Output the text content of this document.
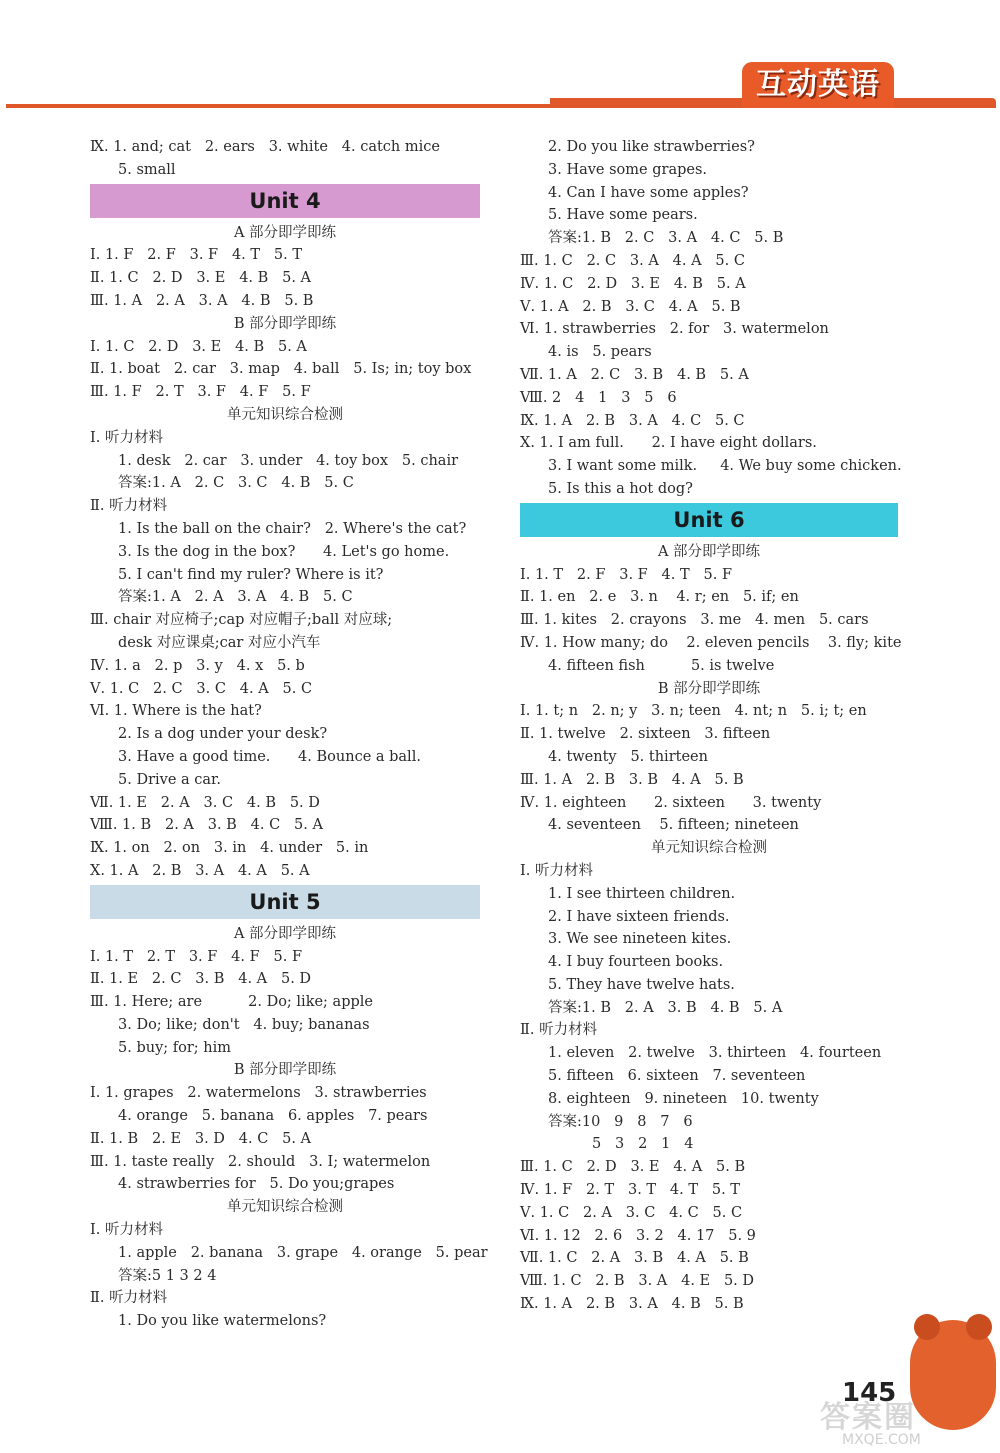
互动英语
Ⅸ. 1. and; cat   2. ears   3. white   4. catch mice
5. small
Unit 4
A 部分即学即练
Ⅰ. 1. F   2. F   3. F   4. T   5. T
Ⅱ. 1. C   2. D   3. E   4. B   5. A
Ⅲ. 1. A   2. A   3. A   4. B   5. B
B 部分即学即练
Ⅰ. 1. C   2. D   3. E   4. B   5. A
Ⅱ. 1. boat   2. car   3. map   4. ball   5. Is; in; toy box
Ⅲ. 1. F   2. T   3. F   4. F   5. F
单元知识综合检测
Ⅰ. 听力材料
1. desk   2. car   3. under   4. toy box   5. chair
答案:1. A   2. C   3. C   4. B   5. C
Ⅱ. 听力材料
1. Is the ball on the chair?   2. Where's the cat?
3. Is the dog in the box?      4. Let's go home.
5. I can't find my ruler? Where is it?
答案:1. A   2. A   3. A   4. B   5. C
Ⅲ. chair 对应椅子;cap 对应帽子;ball 对应球;
desk 对应课桌;car 对应小汽车
Ⅳ. 1. a   2. p   3. y   4. x   5. b
Ⅴ. 1. C   2. C   3. C   4. A   5. C
Ⅵ. 1. Where is the hat?
2. Is a dog under your desk?
3. Have a good time.      4. Bounce a ball.
5. Drive a car.
Ⅶ. 1. E   2. A   3. C   4. B   5. D
Ⅷ. 1. B   2. A   3. B   4. C   5. A
Ⅸ. 1. on   2. on   3. in   4. under   5. in
Ⅹ. 1. A   2. B   3. A   4. A   5. A
Unit 5
A 部分即学即练
Ⅰ. 1. T   2. T   3. F   4. F   5. F
Ⅱ. 1. E   2. C   3. B   4. A   5. D
Ⅲ. 1. Here; are          2. Do; like; apple
3. Do; like; don't   4. buy; bananas
5. buy; for; him
B 部分即学即练
Ⅰ. 1. grapes   2. watermelons   3. strawberries
4. orange   5. banana   6. apples   7. pears
Ⅱ. 1. B   2. E   3. D   4. C   5. A
Ⅲ. 1. taste really   2. should   3. I; watermelon
4. strawberries for   5. Do you;grapes
单元知识综合检测
Ⅰ. 听力材料
1. apple   2. banana   3. grape   4. orange   5. pear
答案:5 1 3 2 4
Ⅱ. 听力材料
1. Do you like watermelons?
2. Do you like strawberries?
3. Have some grapes.
4. Can I have some apples?
5. Have some pears.
答案:1. B   2. C   3. A   4. C   5. B
Ⅲ. 1. C   2. C   3. A   4. A   5. C
Ⅳ. 1. C   2. D   3. E   4. B   5. A
Ⅴ. 1. A   2. B   3. C   4. A   5. B
Ⅵ. 1. strawberries   2. for   3. watermelon
4. is   5. pears
Ⅶ. 1. A   2. C   3. B   4. B   5. A
Ⅷ. 2   4   1   3   5   6
Ⅸ. 1. A   2. B   3. A   4. C   5. C
Ⅹ. 1. I am full.      2. I have eight dollars.
3. I want some milk.     4. We buy some chicken.
5. Is this a hot dog?
Unit 6
A 部分即学即练
Ⅰ. 1. T   2. F   3. F   4. T   5. F
Ⅱ. 1. en   2. e   3. n    4. r; en   5. if; en
Ⅲ. 1. kites   2. crayons   3. me   4. men   5. cars
Ⅳ. 1. How many; do    2. eleven pencils    3. fly; kite
4. fifteen fish          5. is twelve
B 部分即学即练
Ⅰ. 1. t; n   2. n; y   3. n; teen   4. nt; n   5. i; t; en
Ⅱ. 1. twelve   2. sixteen   3. fifteen
4. twenty   5. thirteen
Ⅲ. 1. A   2. B   3. B   4. A   5. B
Ⅳ. 1. eighteen      2. sixteen      3. twenty
4. seventeen    5. fifteen; nineteen
单元知识综合检测
Ⅰ. 听力材料
1. I see thirteen children.
2. I have sixteen friends.
3. We see nineteen kites.
4. I buy fourteen books.
5. They have twelve hats.
答案:1. B   2. A   3. B   4. B   5. A
Ⅱ. 听力材料
1. eleven   2. twelve   3. thirteen   4. fourteen
5. fifteen   6. sixteen   7. seventeen
8. eighteen   9. nineteen   10. twenty
答案:10   9   8   7   6
5   3   2   1   4
Ⅲ. 1. C   2. D   3. E   4. A   5. B
Ⅳ. 1. F   2. T   3. T   4. T   5. T
Ⅴ. 1. C   2. A   3. C   4. C   5. C
Ⅵ. 1. 12   2. 6   3. 2   4. 17   5. 9
Ⅶ. 1. C   2. A   3. B   4. A   5. B
Ⅷ. 1. C   2. B   3. A   4. E   5. D
Ⅸ. 1. A   2. B   3. A   4. B   5. B
145
答案圈
MXQE.COM
